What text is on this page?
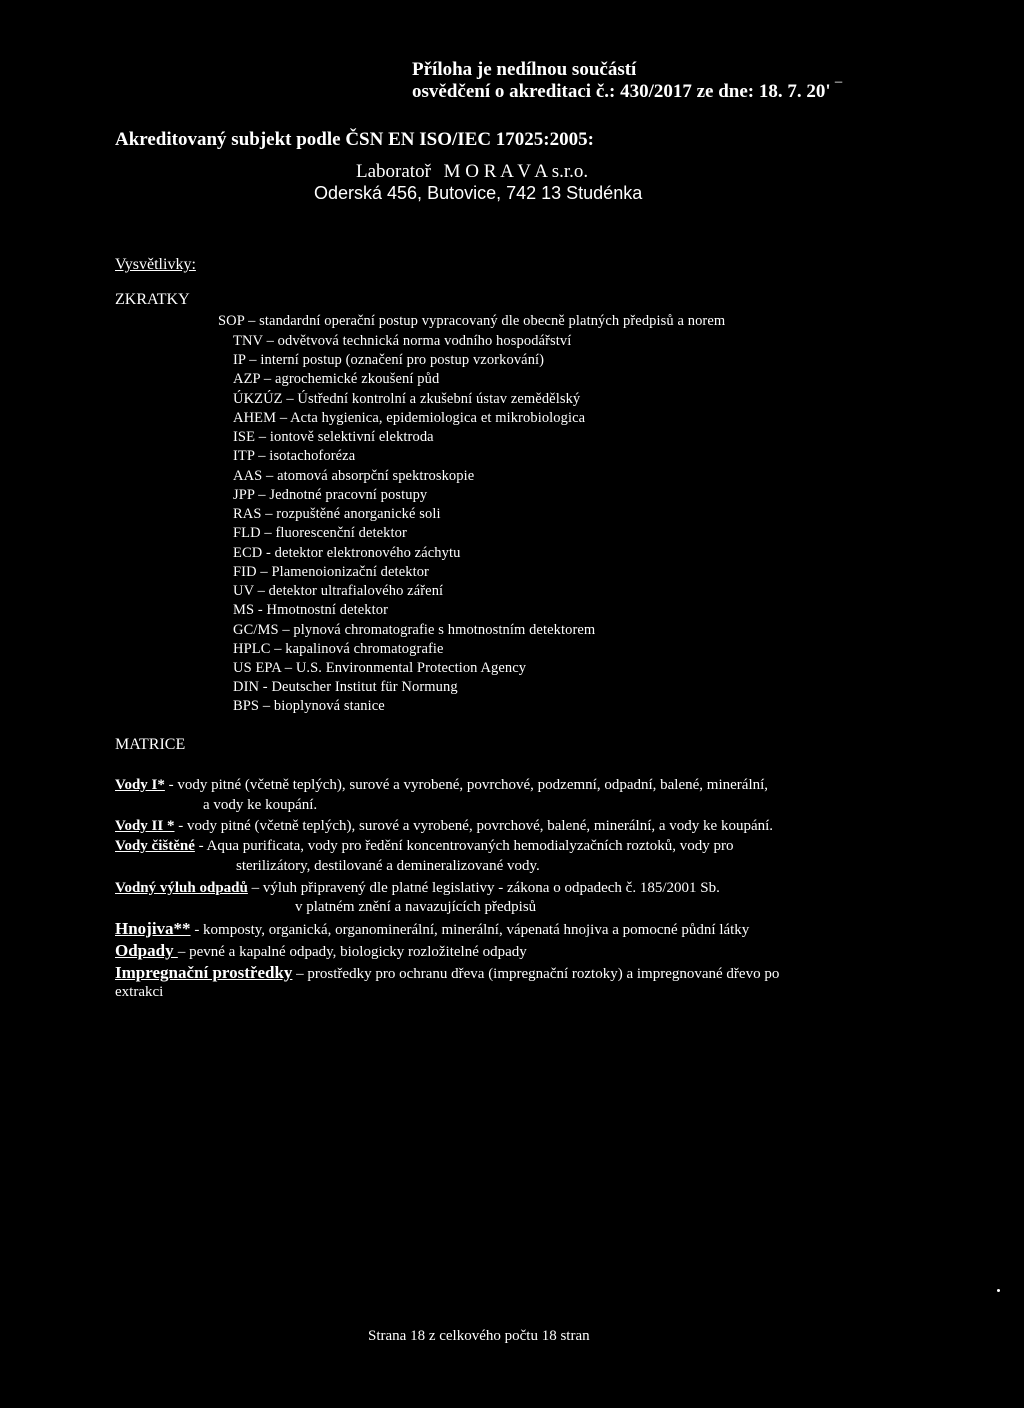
Příloha je nedílnou součástí
osvědčení o akreditaci č.: 430/2017 ze dne: 18. 7. 20' ‾
Akreditovaný subjekt podle ČSN EN ISO/IEC 17025:2005:
Laboratoř M O R A V A s.r.o.
Oderská 456, Butovice, 742 13 Studénka
Vysvětlivky:
ZKRATKY
SOP – standardní operační postup vypracovaný dle obecně platných předpisů a norem
TNV – odvětvová technická norma vodního hospodářství
IP – interní postup (označení pro postup vzorkování)
AZP – agrochemické zkoušení půd
ÚKZÚZ – Ústřední kontrolní a zkušební ústav zemědělský
AHEM – Acta hygienica, epidemiologica et mikrobiologica
ISE – iontově selektivní elektroda
ITP – isotachoforéza
AAS – atomová absorpční spektroskopie
JPP – Jednotné pracovní postupy
RAS – rozpuštěné anorganické soli
FLD – fluorescenční detektor
ECD - detektor elektronového záchytu
FID – Plamenoionizační detektor
UV – detektor ultrafialového záření
MS - Hmotnostní detektor
GC/MS – plynová chromatografie s hmotnostním detektorem
HPLC – kapalinová chromatografie
US EPA – U.S. Environmental Protection Agency
DIN - Deutscher Institut für Normung
BPS – bioplynová stanice
MATRICE
Vody I* - vody pitné (včetně teplých), surové a vyrobené, povrchové, podzemní, odpadní, balené, minerální,
a vody ke koupání.
Vody II * - vody pitné (včetně teplých), surové a vyrobené, povrchové, balené, minerální, a vody ke koupání.
Vody čištěné - Aqua purificata, vody pro ředění koncentrovaných hemodialyzačních roztoků, vody pro
sterilizátory, destilované a demineralizované vody.
Vodný výluh odpadů – výluh připravený dle platné legislativy - zákona o odpadech č. 185/2001 Sb.
v platném znění a navazujících předpisů
Hnojiva** - komposty, organická, organominerální, minerální, vápenatá hnojiva a pomocné půdní látky
Odpady – pevné a kapalné odpady, biologicky rozložitelné odpady
Impregnační prostředky – prostředky pro ochranu dřeva (impregnační roztoky) a impregnované dřevo po
extrakci
Strana 18 z celkového počtu 18 stran
